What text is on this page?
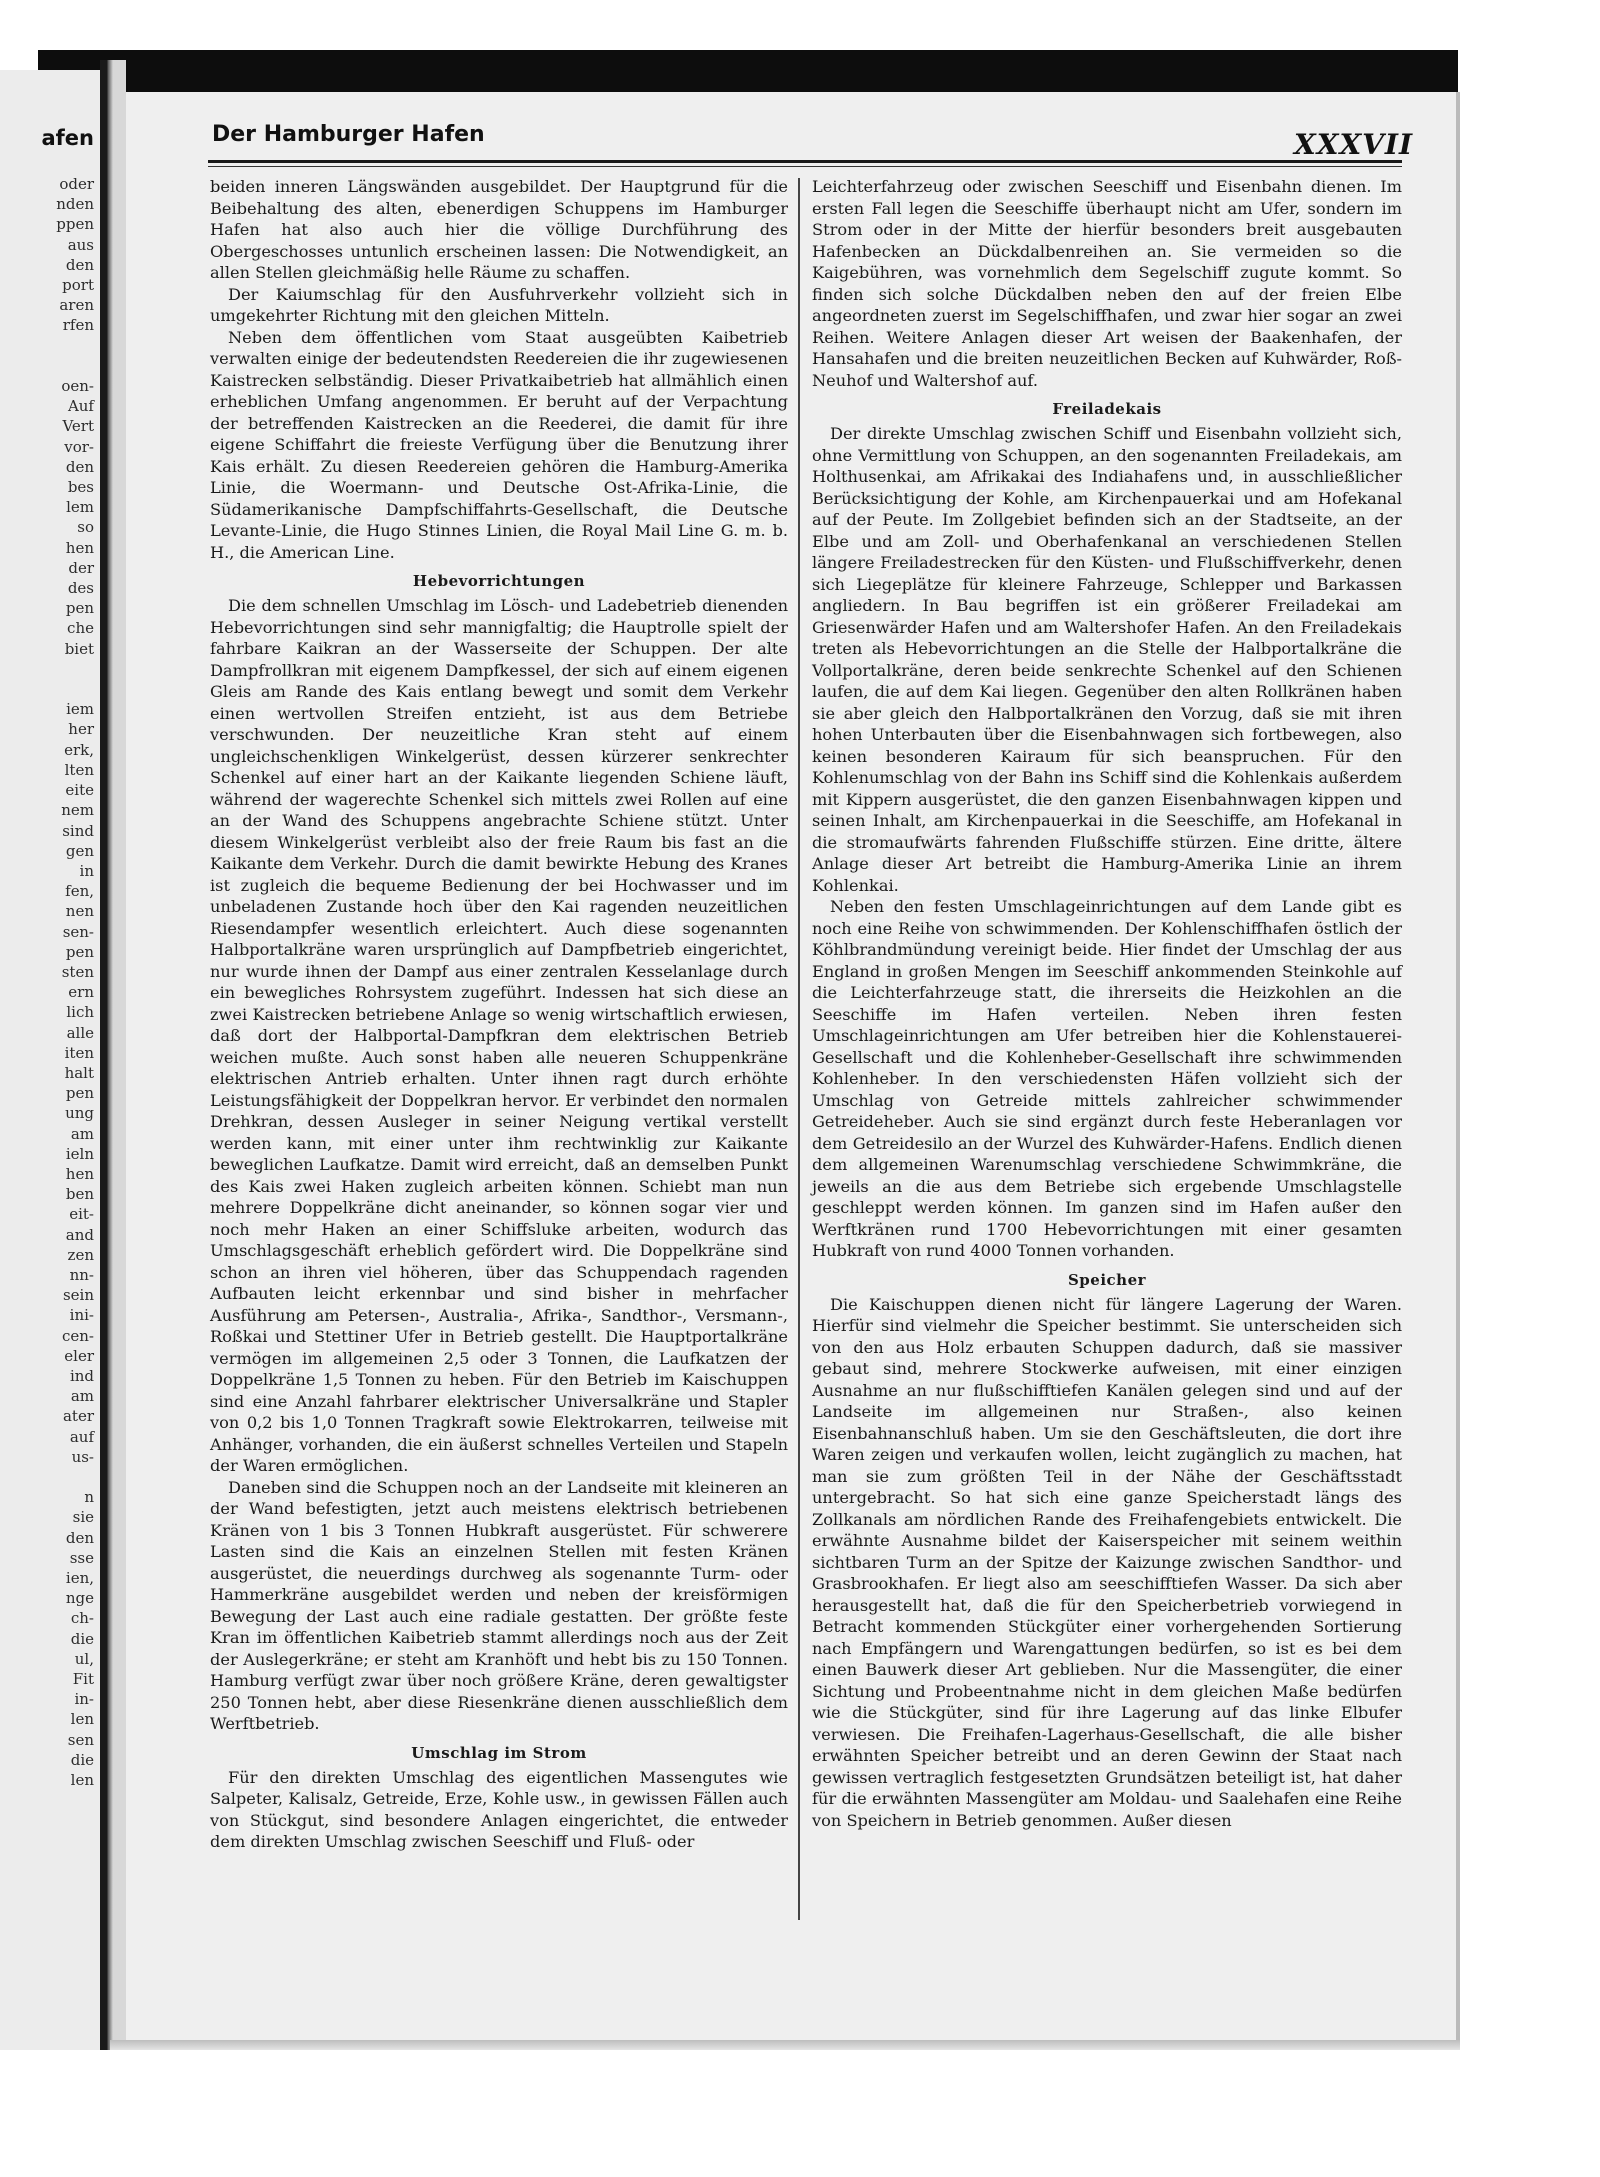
afen
oder
nden
ppen
aus
den
port
aren
rfen

oen-
Auf
Vert
vor-
den
bes
lem
so
hen
der
des
pen
che
biet

iem
her
erk,
lten
eite
nem
sind
gen
in
fen,
nen
sen-
pen
sten
ern
lich
alle
iten
halt
pen
ung
am
ieln
hen
ben
eit-
and
zen
nn-
sein
ini-
cen-
eler
ind
am
ater
auf
us-

n
sie
den
sse
ien,
nge
ch-
die
ul,
Fit
in-
len
sen
die
len
Der Hamburger Hafen	XXXVII

beiden inneren Längswänden ausgebildet. Der Hauptgrund für die Beibehaltung des alten, ebenerdigen Schuppens im Hamburger Hafen hat also auch hier die völlige Durchführung des Obergeschosses untunlich erscheinen lassen: Die Notwendigkeit, an allen Stellen gleichmäßig helle Räume zu schaffen.

Der Kaiumschlag für den Ausfuhrverkehr vollzieht sich in umgekehrter Richtung mit den gleichen Mitteln.

Neben dem öffentlichen vom Staat ausgeübten Kaibetrieb verwalten einige der bedeutendsten Reedereien die ihr zugewiesenen Kaistrecken selbständig. Dieser Privatkaibetrieb hat allmählich einen erheblichen Umfang angenommen. Er beruht auf der Verpachtung der betreffenden Kaistrecken an die Reederei, die damit für ihre eigene Schiffahrt die freieste Verfügung über die Benutzung ihrer Kais erhält. Zu diesen Reedereien gehören die Hamburg-Amerika Linie, die Woermann- und Deutsche Ost-Afrika-Linie, die Südamerikanische Dampfschiffahrts-Gesellschaft, die Deutsche Levante-Linie, die Hugo Stinnes Linien, die Royal Mail Line G. m. b. H., die American Line.

Hebevorrichtungen

Die dem schnellen Umschlag im Lösch- und Ladebetrieb dienenden Hebevorrichtungen sind sehr mannigfaltig; die Hauptrolle spielt der fahrbare Kaikran an der Wasserseite der Schuppen. Der alte Dampfrollkran mit eigenem Dampfkessel, der sich auf einem eigenen Gleis am Rande des Kais entlang bewegt und somit dem Verkehr einen wertvollen Streifen entzieht, ist aus dem Betriebe verschwunden. Der neuzeitliche Kran steht auf einem ungleichschenkligen Winkelgerüst, dessen kürzerer senkrechter Schenkel auf einer hart an der Kaikante liegenden Schiene läuft, während der wagerechte Schenkel sich mittels zwei Rollen auf eine an der Wand des Schuppens angebrachte Schiene stützt. Unter diesem Winkelgerüst verbleibt also der freie Raum bis fast an die Kaikante dem Verkehr. Durch die damit bewirkte Hebung des Kranes ist zugleich die bequeme Bedienung der bei Hochwasser und im unbeladenen Zustande hoch über den Kai ragenden neuzeitlichen Riesendampfer wesentlich erleichtert. Auch diese sogenannten Halbportalkräne waren ursprünglich auf Dampfbetrieb eingerichtet, nur wurde ihnen der Dampf aus einer zentralen Kesselanlage durch ein bewegliches Rohrsystem zugeführt. Indessen hat sich diese an zwei Kaistrecken betriebene Anlage so wenig wirtschaftlich erwiesen, daß dort der Halbportal-Dampfkran dem elektrischen Betrieb weichen mußte. Auch sonst haben alle neueren Schuppenkräne elektrischen Antrieb erhalten. Unter ihnen ragt durch erhöhte Leistungsfähigkeit der Doppelkran hervor. Er verbindet den normalen Drehkran, dessen Ausleger in seiner Neigung vertikal verstellt werden kann, mit einer unter ihm rechtwinklig zur Kaikante beweglichen Laufkatze. Damit wird erreicht, daß an demselben Punkt des Kais zwei Haken zugleich arbeiten können. Schiebt man nun mehrere Doppelkräne dicht aneinander, so können sogar vier und noch mehr Haken an einer Schiffsluke arbeiten, wodurch das Umschlagsgeschäft erheblich gefördert wird. Die Doppelkräne sind schon an ihren viel höheren, über das Schuppendach ragenden Aufbauten leicht erkennbar und sind bisher in mehrfacher Ausführung am Petersen-, Australia-, Afrika-, Sandthor-, Versmann-, Roßkai und Stettiner Ufer in Betrieb gestellt. Die Hauptportalkräne vermögen im allgemeinen 2,5 oder 3 Tonnen, die Laufkatzen der Doppelkräne 1,5 Tonnen zu heben. Für den Betrieb im Kaischuppen sind eine Anzahl fahrbarer elektrischer Universalkräne und Stapler von 0,2 bis 1,0 Tonnen Tragkraft sowie Elektrokarren, teilweise mit Anhänger, vorhanden, die ein äußerst schnelles Verteilen und Stapeln der Waren ermöglichen.

Daneben sind die Schuppen noch an der Landseite mit kleineren an der Wand befestigten, jetzt auch meistens elektrisch betriebenen Kränen von 1 bis 3 Tonnen Hubkraft ausgerüstet. Für schwerere Lasten sind die Kais an einzelnen Stellen mit festen Kränen ausgerüstet, die neuerdings durchweg als sogenannte Turm- oder Hammerkräne ausgebildet werden und neben der kreisförmigen Bewegung der Last auch eine radiale gestatten. Der größte feste Kran im öffentlichen Kaibetrieb stammt allerdings noch aus der Zeit der Auslegerkräne; er steht am Kranhöft und hebt bis zu 150 Tonnen. Hamburg verfügt zwar über noch größere Kräne, deren gewaltigster 250 Tonnen hebt, aber diese Riesenkräne dienen ausschließlich dem Werftbetrieb.

Umschlag im Strom

Für den direkten Umschlag des eigentlichen Massengutes wie Salpeter, Kalisalz, Getreide, Erze, Kohle usw., in gewissen Fällen auch von Stückgut, sind besondere Anlagen eingerichtet, die entweder dem direkten Umschlag zwischen Seeschiff und Fluß- oder

Leichterfahrzeug oder zwischen Seeschiff und Eisenbahn dienen. Im ersten Fall legen die Seeschiffe überhaupt nicht am Ufer, sondern im Strom oder in der Mitte der hierfür besonders breit ausgebauten Hafenbecken an Dückdalbenreihen an. Sie vermeiden so die Kaigebühren, was vornehmlich dem Segelschiff zugute kommt. So finden sich solche Dückdalben neben den auf der freien Elbe angeordneten zuerst im Segelschiffhafen, und zwar hier sogar an zwei Reihen. Weitere Anlagen dieser Art weisen der Baakenhafen, der Hansahafen und die breiten neuzeitlichen Becken auf Kuhwärder, Roß-Neuhof und Waltershof auf.

Freiladekais

Der direkte Umschlag zwischen Schiff und Eisenbahn vollzieht sich, ohne Vermittlung von Schuppen, an den sogenannten Freiladekais, am Holthusenkai, am Afrikakai des Indiahafens und, in ausschließlicher Berücksichtigung der Kohle, am Kirchenpauerkai und am Hofekanal auf der Peute. Im Zollgebiet befinden sich an der Stadtseite, an der Elbe und am Zoll- und Oberhafenkanal an verschiedenen Stellen längere Freiladestrecken für den Küsten- und Flußschiffverkehr, denen sich Liegeplätze für kleinere Fahrzeuge, Schlepper und Barkassen angliedern. In Bau begriffen ist ein größerer Freiladekai am Griesenwärder Hafen und am Waltershofer Hafen. An den Freiladekais treten als Hebevorrichtungen an die Stelle der Halbportalkräne die Vollportalkräne, deren beide senkrechte Schenkel auf den Schienen laufen, die auf dem Kai liegen. Gegenüber den alten Rollkränen haben sie aber gleich den Halbportalkränen den Vorzug, daß sie mit ihren hohen Unterbauten über die Eisenbahnwagen sich fortbewegen, also keinen besonderen Kairaum für sich beanspruchen. Für den Kohlenumschlag von der Bahn ins Schiff sind die Kohlenkais außerdem mit Kippern ausgerüstet, die den ganzen Eisenbahnwagen kippen und seinen Inhalt, am Kirchenpauerkai in die Seeschiffe, am Hofekanal in die stromaufwärts fahrenden Flußschiffe stürzen. Eine dritte, ältere Anlage dieser Art betreibt die Hamburg-Amerika Linie an ihrem Kohlenkai.

Neben den festen Umschlageinrichtungen auf dem Lande gibt es noch eine Reihe von schwimmenden. Der Kohlenschiffhafen östlich der Köhlbrandmündung vereinigt beide. Hier findet der Umschlag der aus England in großen Mengen im Seeschiff ankommenden Steinkohle auf die Leichterfahrzeuge statt, die ihrerseits die Heizkohlen an die Seeschiffe im Hafen verteilen. Neben ihren festen Umschlageinrichtungen am Ufer betreiben hier die Kohlenstauerei-Gesellschaft und die Kohlenheber-Gesellschaft ihre schwimmenden Kohlenheber. In den verschiedensten Häfen vollzieht sich der Umschlag von Getreide mittels zahlreicher schwimmender Getreideheber. Auch sie sind ergänzt durch feste Heberanlagen vor dem Getreidesilo an der Wurzel des Kuhwärder-Hafens. Endlich dienen dem allgemeinen Warenumschlag verschiedene Schwimmkräne, die jeweils an die aus dem Betriebe sich ergebende Umschlagstelle geschleppt werden können. Im ganzen sind im Hafen außer den Werftkränen rund 1700 Hebevorrichtungen mit einer gesamten Hubkraft von rund 4000 Tonnen vorhanden.

Speicher

Die Kaischuppen dienen nicht für längere Lagerung der Waren. Hierfür sind vielmehr die Speicher bestimmt. Sie unterscheiden sich von den aus Holz erbauten Schuppen dadurch, daß sie massiver gebaut sind, mehrere Stockwerke aufweisen, mit einer einzigen Ausnahme an nur flußschifftiefen Kanälen gelegen sind und auf der Landseite im allgemeinen nur Straßen-, also keinen Eisenbahnanschluß haben. Um sie den Geschäftsleuten, die dort ihre Waren zeigen und verkaufen wollen, leicht zugänglich zu machen, hat man sie zum größten Teil in der Nähe der Geschäftsstadt untergebracht. So hat sich eine ganze Speicherstadt längs des Zollkanals am nördlichen Rande des Freihafengebiets entwickelt. Die erwähnte Ausnahme bildet der Kaiserspeicher mit seinem weithin sichtbaren Turm an der Spitze der Kaizunge zwischen Sandthor- und Grasbrookhafen. Er liegt also am seeschifftiefen Wasser. Da sich aber herausgestellt hat, daß die für den Speicherbetrieb vorwiegend in Betracht kommenden Stückgüter einer vorhergehenden Sortierung nach Empfängern und Warengattungen bedürfen, so ist es bei dem einen Bauwerk dieser Art geblieben. Nur die Massengüter, die einer Sichtung und Probeentnahme nicht in dem gleichen Maße bedürfen wie die Stückgüter, sind für ihre Lagerung auf das linke Elbufer verwiesen. Die Freihafen-Lagerhaus-Gesellschaft, die alle bisher erwähnten Speicher betreibt und an deren Gewinn der Staat nach gewissen vertraglich festgesetzten Grundsätzen beteiligt ist, hat daher für die erwähnten Massengüter am Moldau- und Saalehafen eine Reihe von Speichern in Betrieb genommen. Außer diesen
